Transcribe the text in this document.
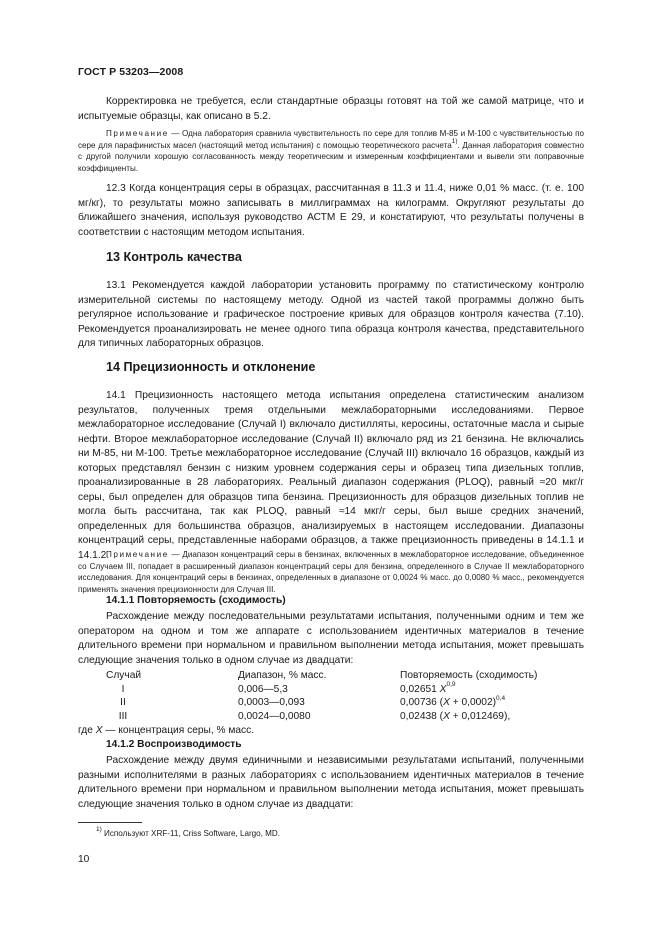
ГОСТ Р 53203—2008

Корректировка не требуется, если стандартные образцы готовят на той же самой матрице, что и испытуемые образцы, как описано в 5.2.

Примечание — Одна лаборатория сравнила чувствительность по сере для топлив М-85 и М-100 с чувствительностью по сере для парафинистых масел (настоящий метод испытания) с помощью теоретического расчета$^{1)}$. Данная лаборатория совместно с другой получили хорошую согласованность между теоретическим и измеренным коэффициентами и вывели эти поправочные коэффициенты.

12.3 Когда концентрация серы в образцах, рассчитанная в 11.3 и 11.4, ниже 0,01 % масс. (т. е. 100 мг/кг), то результаты можно записывать в миллиграммах на килограмм. Округляют результаты до ближайшего значения, используя руководство АСТМ Е 29, и констатируют, что результаты получены в соответствии с настоящим методом испытания.

13 Контроль качества

13.1 Рекомендуется каждой лаборатории установить программу по статистическому контролю измерительной системы по настоящему методу. Одной из частей такой программы должно быть регулярное использование и графическое построение кривых для образцов контроля качества (7.10). Рекомендуется проанализировать не менее одного типа образца контроля качества, представительного для типичных лабораторных образцов.

14 Прецизионность и отклонение

14.1 Прецизионность настоящего метода испытания определена статистическим анализом результатов, полученных тремя отдельными межлабораторными исследованиями. Первое межлабораторное исследование (Случай I) включало дистилляты, керосины, остаточные масла и сырые нефти. Второе межлабораторное исследование (Случай II) включало ряд из 21 бензина. Не включались ни М-85, ни М-100. Третье межлабораторное исследование (Случай III) включало 16 образцов, каждый из которых представлял бензин с низким уровнем содержания серы и образец типа дизельных топлив, проанализированные в 28 лабораториях. Реальный диапазон содержания (PLOQ), равный ≈20 мкг/г серы, был определен для образцов типа бензина. Прецизионность для образцов дизельных топлив не могла быть рассчитана, так как PLOQ, равный ≈14 мкг/г серы, был выше средних значений, определенных для большинства образцов, анализируемых в настоящем исследовании. Диапазоны концентраций серы, представленные наборами образцов, а также прецизионность приведены в 14.1.1 и 14.1.2.

Примечание — Диапазон концентраций серы в бензинах, включенных в межлабораторное исследование, объединенное со Случаем III, попадает в расширенный диапазон концентраций серы для бензина, определенного в Случае II межлабораторного исследования. Для концентраций серы в бензинах, определенных в диапазоне от 0,0024 % масс. до 0,0080 % масс., рекомендуется применять значения прецизионности для Случая III.

14.1.1 Повторяемость (сходимость)

Расхождение между последовательными результатами испытания, полученными одним и тем же оператором на одном и том же аппарате с использованием идентичных материалов в течение длительного времени при нормальном и правильном выполнении метода испытания, может превышать следующие значения только в одном случае из двадцати:

Случай	Диапазон, % масс.	Повторяемость (сходимость)
I	0,006—5,3	0,02651 X$^{0,9}$
II	0,0003—0,093	0,00736 $(X + 0,0002)^{0,4}$
III	0,0024—0,0080	0,02438 (X + 0,012469),

где X — концентрация серы, % масс.

14.1.2 Воспроизводимость

Расхождение между двумя единичными и независимыми результатами испытаний, полученными разными исполнителями в разных лабораториях с использованием идентичных материалов в течение длительного времени при нормальном и правильном выполнении метода испытания, может превышать следующие значения только в одном случае из двадцати:

$^{1)}$ Используют XRF-11, Criss Software, Largo, MD.
10
